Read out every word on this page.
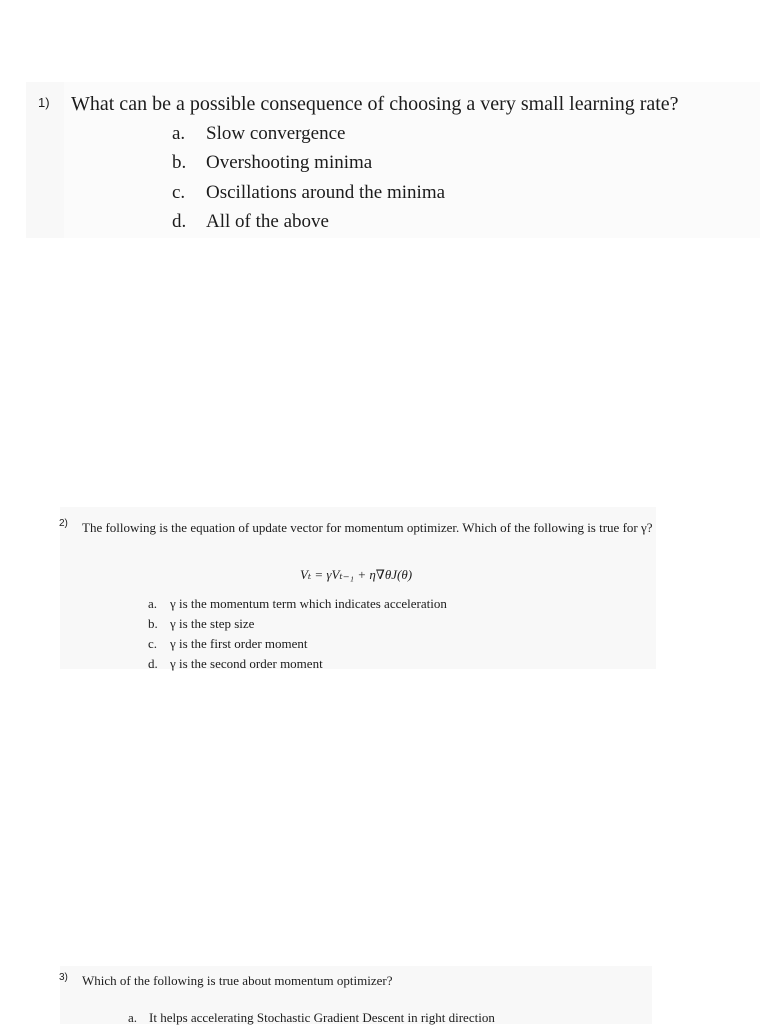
1) What can be a possible consequence of choosing a very small learning rate?
a.	Slow convergence
b.	Overshooting minima
c.	Oscillations around the minima
d.	All of the above
2) The following is the equation of update vector for momentum optimizer. Which of the following is true for γ?
Vₜ = γVₜ₋₁ + η∇θJ(θ)
a. γ is the momentum term which indicates acceleration
b. γ is the step size
c. γ is the first order moment
d. γ is the second order moment
3) Which of the following is true about momentum optimizer?
a. It helps accelerating Stochastic Gradient Descent in right direction
